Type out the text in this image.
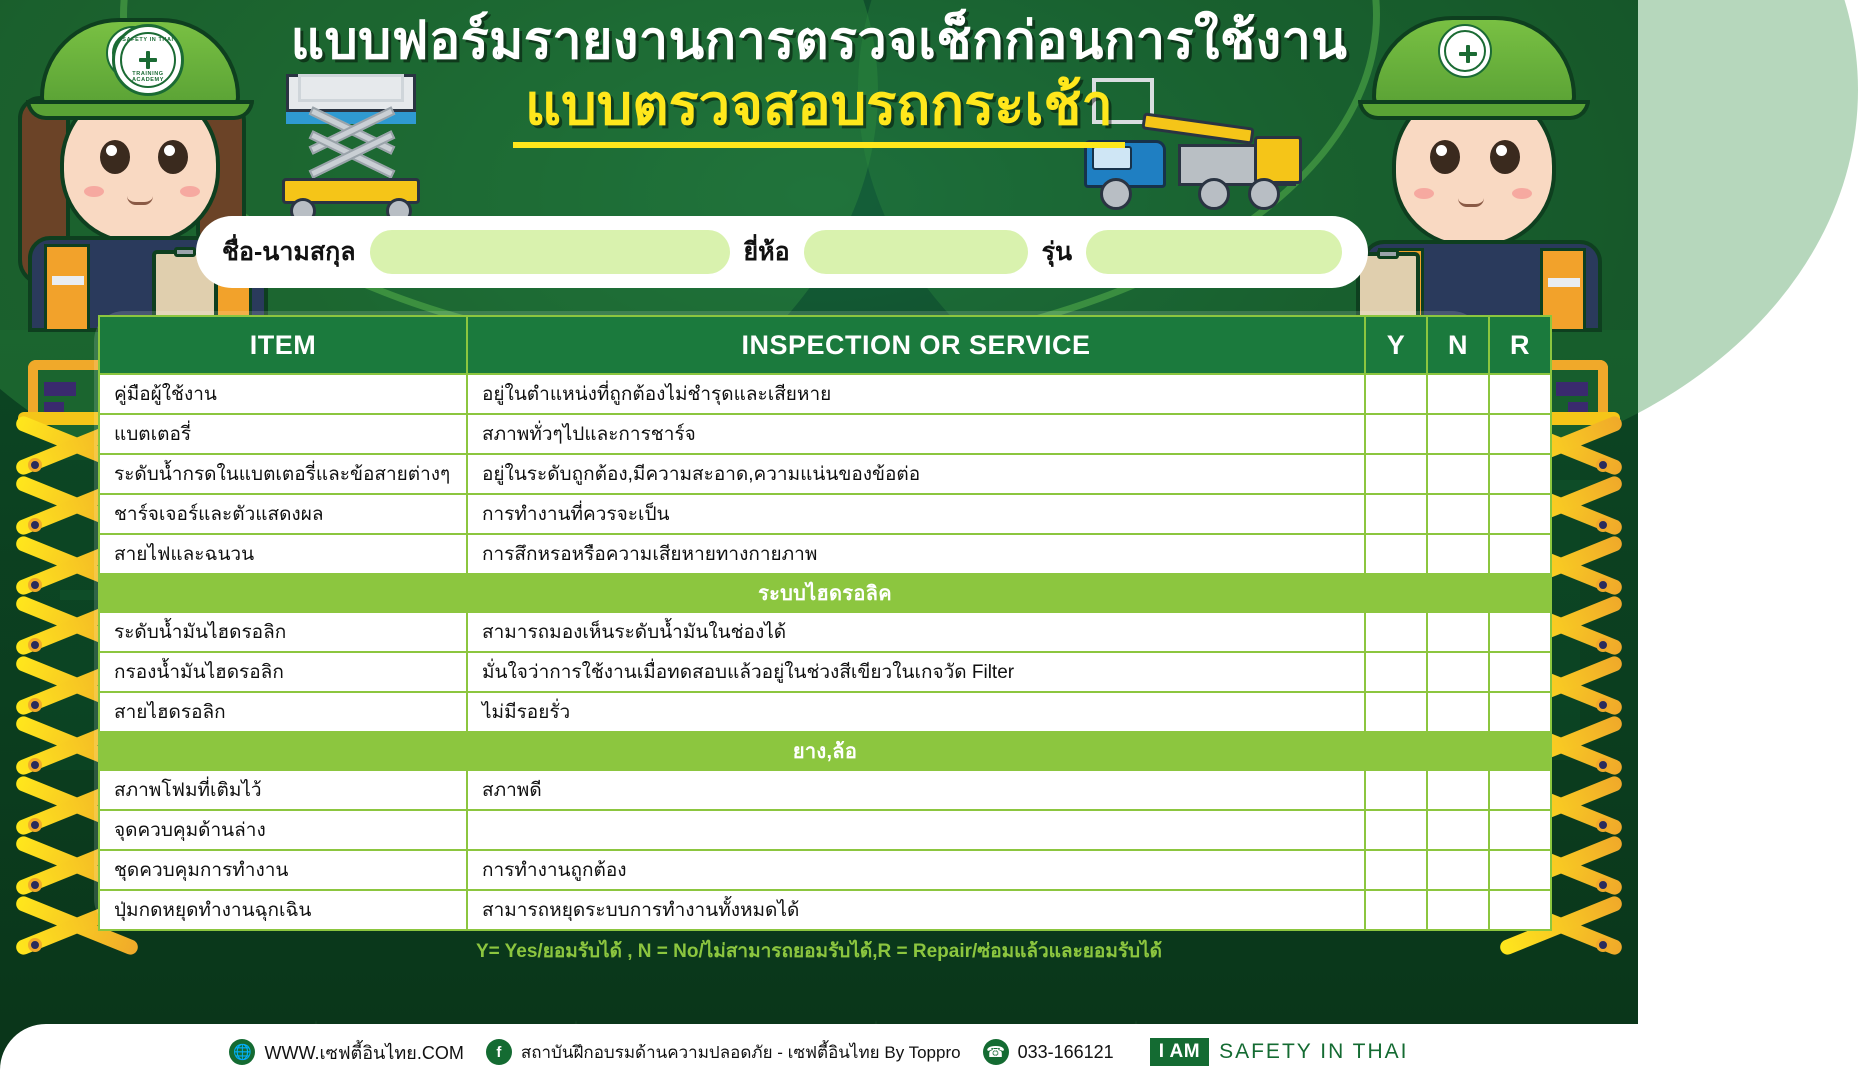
SAFETY IN THAI
TRAINING ACADEMY
แบบฟอร์มรายงานการตรวจเช็กก่อนการใช้งาน
แบบตรวจสอบรถกระเช้า
ชื่อ-นามสกุล	ยี่ห้อ	รุ่น
ITEM	INSPECTION OR SERVICE	Y	N	R
คู่มือผู้ใช้งาน	อยู่ในตำแหน่งที่ถูกต้องไม่ชำรุดและเสียหาย			
แบตเตอรี่	สภาพทั่วๆไปและการชาร์จ			
ระดับน้ำกรดในแบตเตอรี่และข้อสายต่างๆ	อยู่ในระดับถูกต้อง,มีความสะอาด,ความแน่นของข้อต่อ			
ชาร์จเจอร์และตัวแสดงผล	การทำงานที่ควรจะเป็น			
สายไฟและฉนวน	การสึกหรอหรือความเสียหายทางกายภาพ			
ระบบไฮดรอลิค				
ระดับน้ำมันไฮดรอลิก	สามารถมองเห็นระดับน้ำมันในช่องได้			
กรองน้ำมันไฮดรอลิก	มั่นใจว่าการใช้งานเมื่อทดสอบแล้วอยู่ในช่วงสีเขียวในเกจวัด Filter			
สายไฮดรอลิก	ไม่มีรอยรั่ว			
ยาง,ล้อ				
สภาพโฟมที่เติมไว้	สภาพดี			
จุดควบคุมด้านล่าง				
ชุดควบคุมการทำงาน	การทำงานถูกต้อง			
ปุ่มกดหยุดทำงานฉุกเฉิน	สามารถหยุดระบบการทำงานทั้งหมดได้			
Y= Yes/ยอมรับได้ , N = No/ไม่สามารถยอมรับได้,R = Repair/ซ่อมแล้วและยอมรับได้
🌐 WWW.เซฟตี้อินไทย.COM	f	สถาบันฝึกอบรมด้านความปลอดภัย - เซฟตี้อินไทย By Toppro ☎ 033-166121	I AM SAFETY IN THAI
